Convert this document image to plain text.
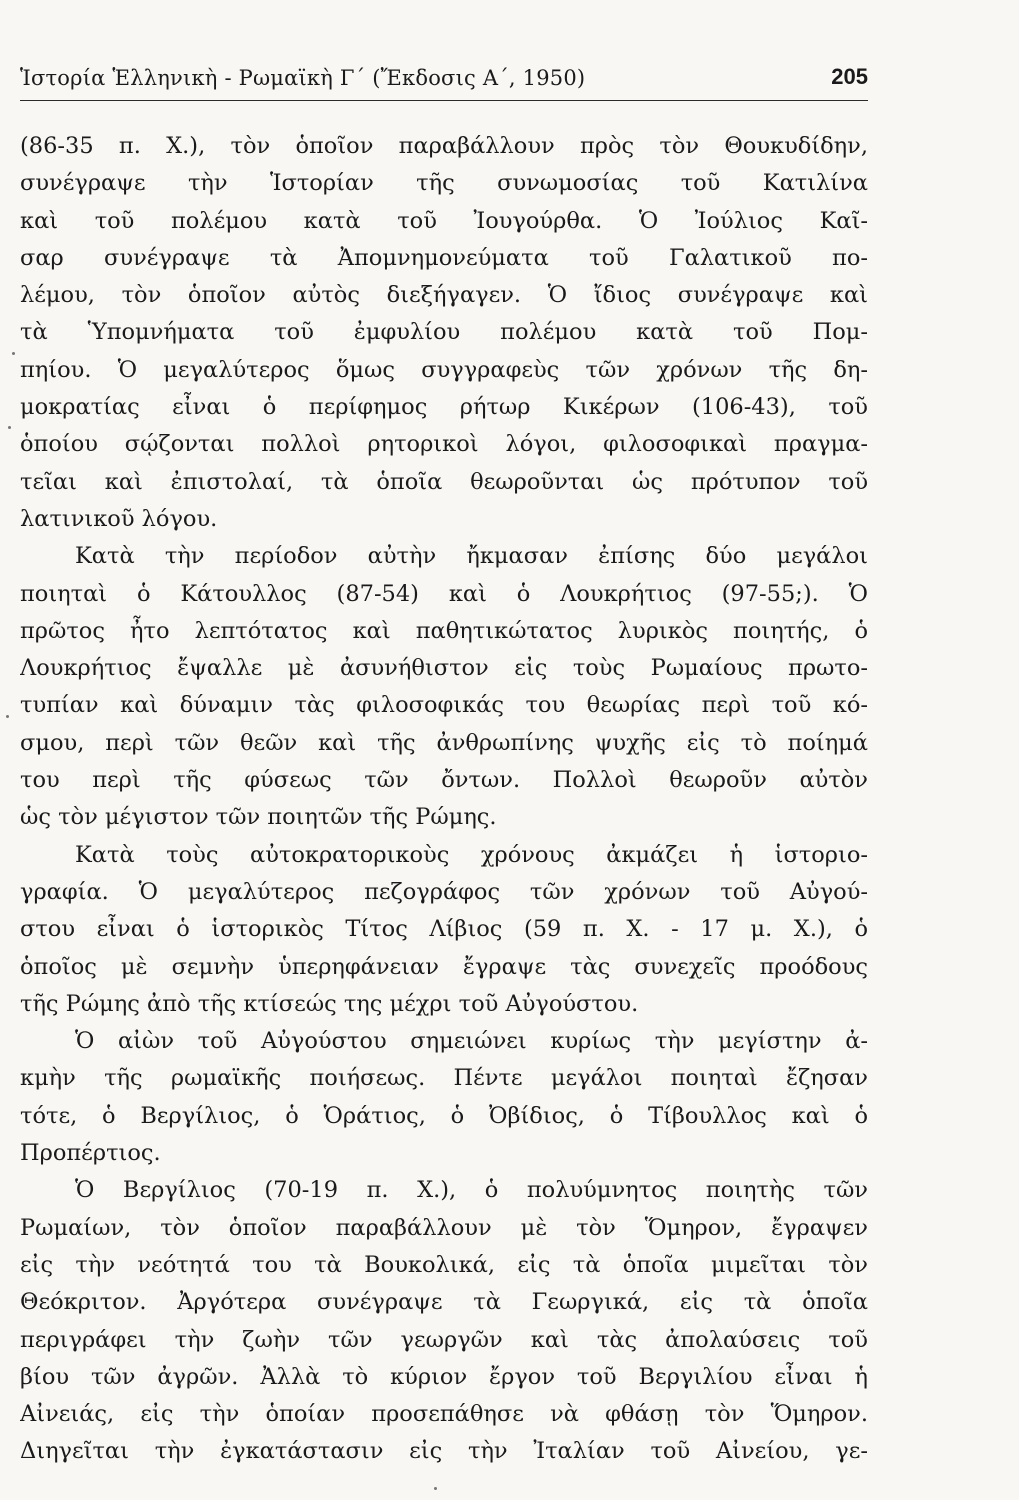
Ἱστορία Ἑλληνικὴ - Ρωμαϊκὴ Γ΄ (Ἔκδοσις Α΄, 1950)	205
(86-35 π. Χ.), τὸν ὁποῖον παραβάλλουν πρὸς τὸν Θουκυδίδην,
συνέγραψε τὴν Ἱστορίαν τῆς συνωμοσίας τοῦ Κατιλίνα
καὶ τοῦ πολέμου κατὰ τοῦ Ἰουγούρθα. Ὁ Ἰούλιος Καῖ-
σαρ συνέγραψε τὰ Ἀπομνημονεύματα τοῦ Γαλατικοῦ πο-
λέμου, τὸν ὁποῖον αὐτὸς διεξήγαγεν. Ὁ ἴδιος συνέγραψε καὶ
τὰ Ὑπομνήματα τοῦ ἐμφυλίου πολέμου κατὰ τοῦ Πομ-
πηίου. Ὁ μεγαλύτερος ὅμως συγγραφεὺς τῶν χρόνων τῆς δη-
μοκρατίας εἶναι ὁ περίφημος ρήτωρ Κικέρων (106-43), τοῦ
ὁποίου σῴζονται πολλοὶ ρητορικοὶ λόγοι, φιλοσοφικαὶ πραγμα-
τεῖαι καὶ ἐπιστολαί, τὰ ὁποῖα θεωροῦνται ὡς πρότυπον τοῦ
λατινικοῦ λόγου.
Κατὰ τὴν περίοδον αὐτὴν ἤκμασαν ἐπίσης δύο μεγάλοι
ποιηταὶ ὁ Κάτουλλος (87-54) καὶ ὁ Λουκρήτιος (97-55;). Ὁ
πρῶτος ἦτο λεπτότατος καὶ παθητικώτατος λυρικὸς ποιητής, ὁ
Λουκρήτιος ἔψαλλε μὲ ἀσυνήθιστον εἰς τοὺς Ρωμαίους πρωτο-
τυπίαν καὶ δύναμιν τὰς φιλοσοφικάς του θεωρίας περὶ τοῦ κό-
σμου, περὶ τῶν θεῶν καὶ τῆς ἀνθρωπίνης ψυχῆς εἰς τὸ ποίημά
του περὶ τῆς φύσεως τῶν ὄντων. Πολλοὶ θεωροῦν αὐτὸν
ὡς τὸν μέγιστον τῶν ποιητῶν τῆς Ρώμης.
Κατὰ τοὺς αὐτοκρατορικοὺς χρόνους ἀκμάζει ἡ ἱστοριο-
γραφία. Ὁ μεγαλύτερος πεζογράφος τῶν χρόνων τοῦ Αὐγού-
στου εἶναι ὁ ἱστορικὸς Τίτος Λίβιος (59 π. Χ. - 17 μ. Χ.), ὁ
ὁποῖος μὲ σεμνὴν ὑπερηφάνειαν ἔγραψε τὰς συνεχεῖς προόδους
τῆς Ρώμης ἀπὸ τῆς κτίσεώς της μέχρι τοῦ Αὐγούστου.
Ὁ αἰὼν τοῦ Αὐγούστου σημειώνει κυρίως τὴν μεγίστην ἀ-
κμὴν τῆς ρωμαϊκῆς ποιήσεως. Πέντε μεγάλοι ποιηταὶ ἔζησαν
τότε, ὁ Βεργίλιος, ὁ Ὁράτιος, ὁ Ὀβίδιος, ὁ Τίβουλλος καὶ ὁ
Προπέρτιος.
Ὁ Βεργίλιος (70-19 π. Χ.), ὁ πολυύμνητος ποιητὴς τῶν
Ρωμαίων, τὸν ὁποῖον παραβάλλουν μὲ τὸν Ὅμηρον, ἔγραψεν
εἰς τὴν νεότητά του τὰ Βουκολικά, εἰς τὰ ὁποῖα μιμεῖται τὸν
Θεόκριτον. Ἀργότερα συνέγραψε τὰ Γεωργικά, εἰς τὰ ὁποῖα
περιγράφει τὴν ζωὴν τῶν γεωργῶν καὶ τὰς ἀπολαύσεις τοῦ
βίου τῶν ἀγρῶν. Ἀλλὰ τὸ κύριον ἔργον τοῦ Βεργιλίου εἶναι ἡ
Αἰνειάς, εἰς τὴν ὁποίαν προσεπάθησε νὰ φθάσῃ τὸν Ὅμηρον.
Διηγεῖται τὴν ἐγκατάστασιν εἰς τὴν Ἰταλίαν τοῦ Αἰνείου, γε-
